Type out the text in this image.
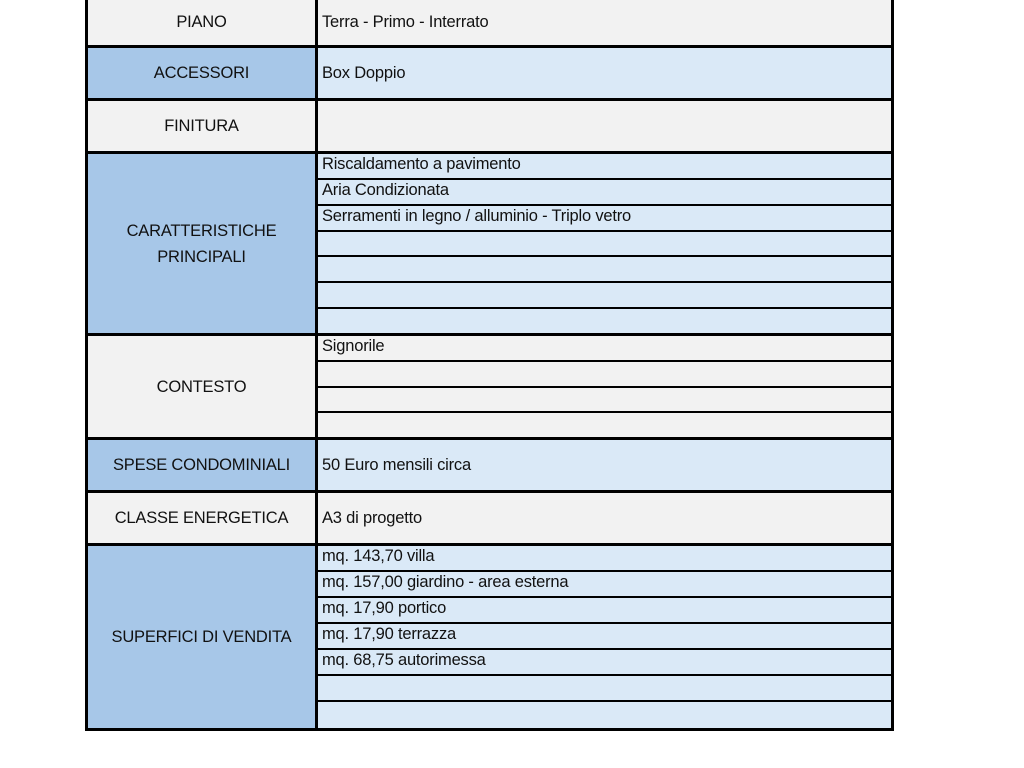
PIANO	Terra - Primo - Interrato
ACCESSORI	Box Doppio
FINITURA
CARATTERISTICHE
PRINCIPALI
Riscaldamento a pavimento
Aria Condizionata
Serramenti in legno / alluminio - Triplo vetro
CONTESTO
Signorile
SPESE CONDOMINIALI 50 Euro mensili circa
CLASSE ENERGETICA A3 di progetto
SUPERFICI DI VENDITA
mq. 143,70 villa
mq. 157,00 giardino - area esterna
mq. 17,90 portico
mq. 17,90 terrazza
mq. 68,75 autorimessa
